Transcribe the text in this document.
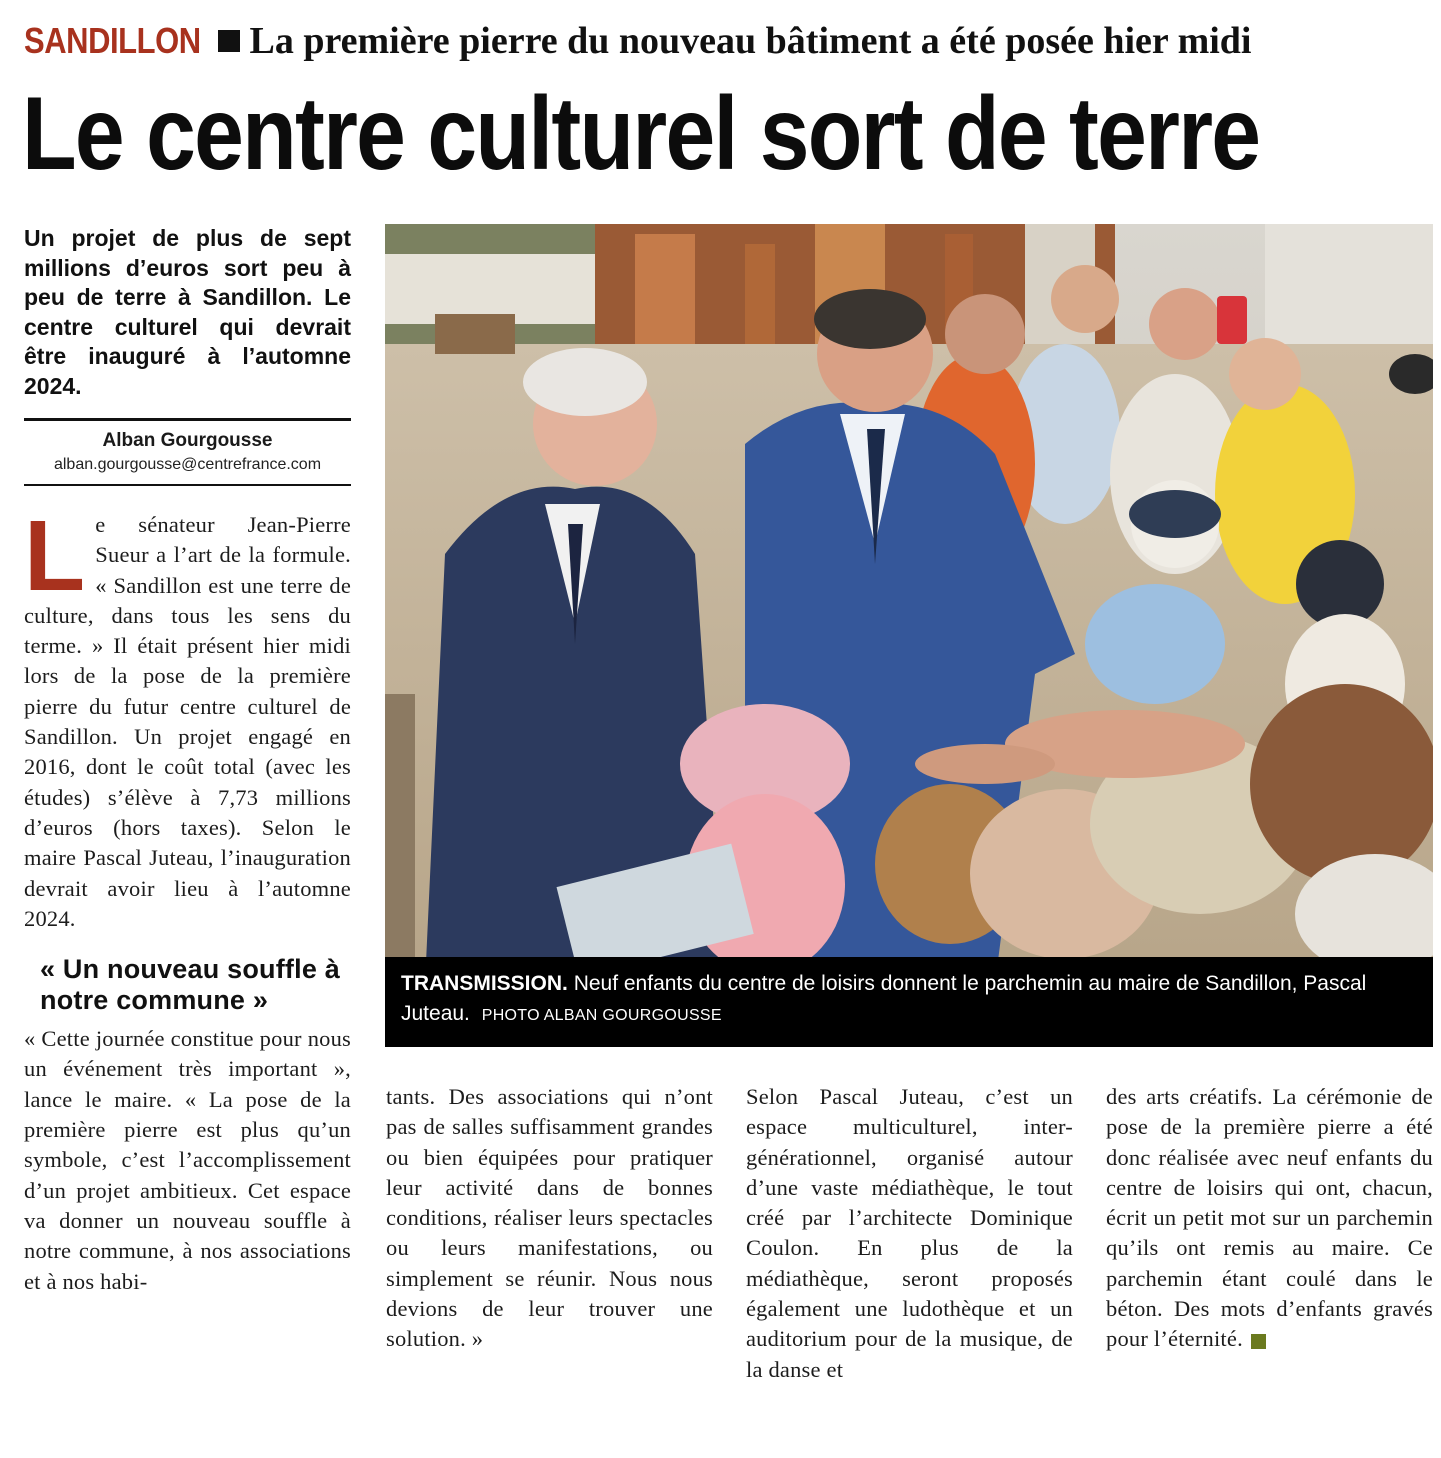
SANDILLON La première pierre du nouveau bâtiment a été posée hier midi
Le centre culturel sort de terre

Un projet de plus de sept millions d’euros sort peu à peu de terre à Sandillon. Le centre culturel qui devrait être inauguré à l’automne 2024.

Alban Gourgousse
alban.gourgousse@centrefrance.com
L e sénateur Jean-Pierre Sueur a l’art de la formule. « Sandillon est une terre de culture, dans tous les sens du terme. » Il était présent hier midi lors de la pose de la première pierre du futur centre culturel de Sandillon. Un projet engagé en 2016, dont le coût total (avec les études) s’élève à 7,73 millions d’euros (hors taxes). Selon le maire Pascal Juteau, l’inauguration devrait avoir lieu à l’automne 2024.

« Un nouveau souffle à notre commune »

« Cette journée constitue pour nous un événement très important », lance le maire. « La pose de la première pierre est plus qu’un symbole, c’est l’accomplissement d’un projet ambitieux. Cet espace va donner un nouveau souffle à notre commune, à nos associations et à nos habi-

TRANSMISSION. Neuf enfants du centre de loisirs donnent le parchemin au maire de Sandillon, Pascal Juteau. PHOTO ALBAN GOURGOUSSE

tants. Des associations qui n’ont pas de salles suffisamment grandes ou bien équipées pour pratiquer leur activité dans de bonnes conditions, réaliser leurs spectacles ou leurs manifestations, ou simplement se réunir. Nous nous devions de leur trouver une solution. »

Selon Pascal Juteau, c’est un espace multiculturel, inter-générationnel, organisé autour d’une vaste médiathèque, le tout créé par l’architecte Dominique Coulon. En plus de la médiathèque, seront proposés également une ludothèque et un auditorium pour de la musique, de la danse et

des arts créatifs. La cérémonie de pose de la première pierre a été donc réalisée avec neuf enfants du centre de loisirs qui ont, chacun, écrit un petit mot sur un parchemin qu’ils ont remis au maire. Ce parchemin étant coulé dans le béton. Des mots d’enfants gravés pour l’éternité.
